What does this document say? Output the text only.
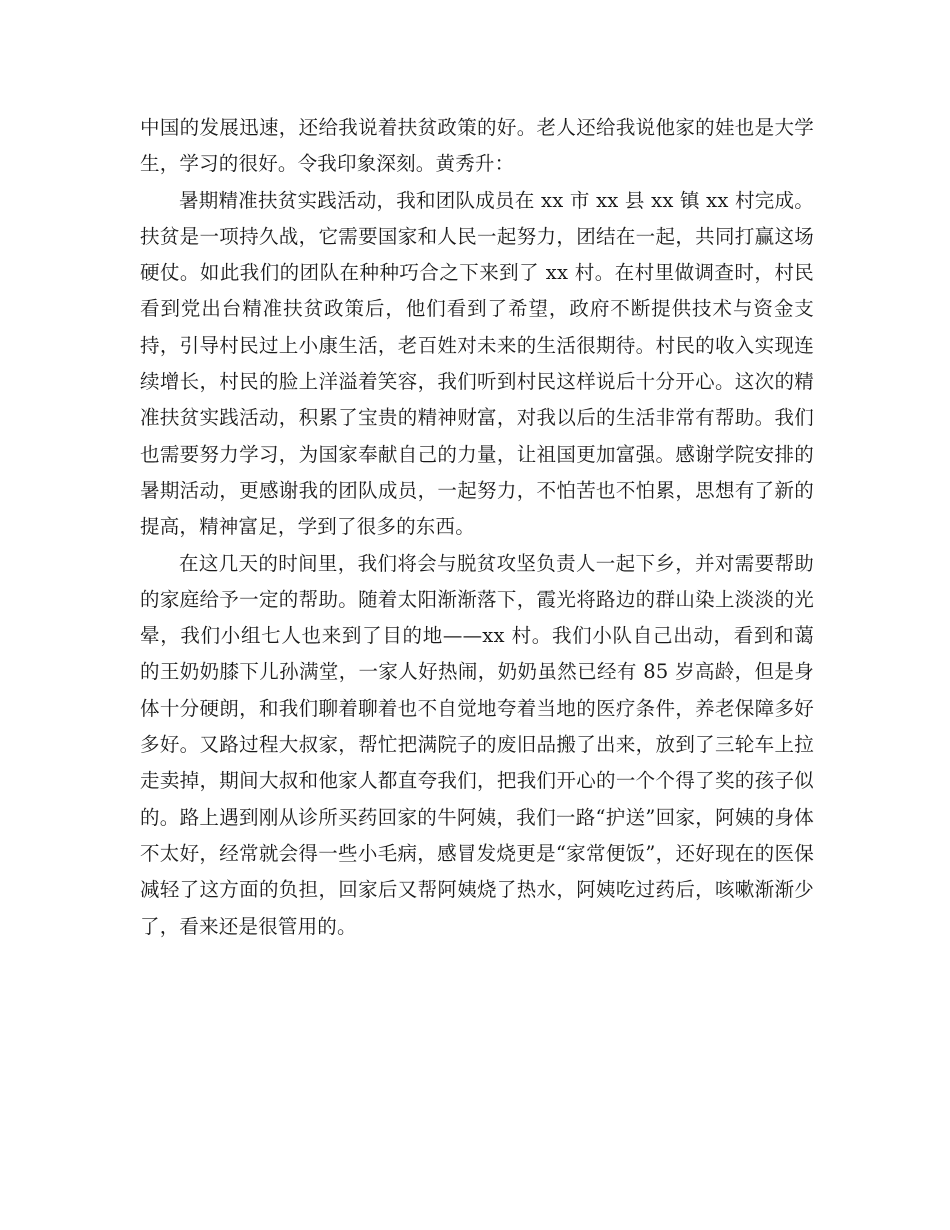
中国的发展迅速，还给我说着扶贫政策的好。老人还给我说他家的娃也是大学生，学习的很好。令我印象深刻。黄秀升：

暑期精准扶贫实践活动，我和团队成员在 xx 市 xx 县 xx 镇 xx 村完成。扶贫是一项持久战，它需要国家和人民一起努力，团结在一起，共同打赢这场硬仗。如此我们的团队在种种巧合之下来到了 xx 村。在村里做调查时，村民看到党出台精准扶贫政策后，他们看到了希望，政府不断提供技术与资金支持，引导村民过上小康生活，老百姓对未来的生活很期待。村民的收入实现连续增长，村民的脸上洋溢着笑容，我们听到村民这样说后十分开心。这次的精准扶贫实践活动，积累了宝贵的精神财富，对我以后的生活非常有帮助。我们也需要努力学习，为国家奉献自己的力量，让祖国更加富强。感谢学院安排的暑期活动，更感谢我的团队成员，一起努力，不怕苦也不怕累，思想有了新的提高，精神富足，学到了很多的东西。

在这几天的时间里，我们将会与脱贫攻坚负责人一起下乡，并对需要帮助的家庭给予一定的帮助。随着太阳渐渐落下，霞光将路边的群山染上淡淡的光晕，我们小组七人也来到了目的地——xx 村。我们小队自己出动，看到和蔼的王奶奶膝下儿孙满堂，一家人好热闹，奶奶虽然已经有 85 岁高龄，但是身体十分硬朗，和我们聊着聊着也不自觉地夸着当地的医疗条件，养老保障多好多好。又路过程大叔家，帮忙把满院子的废旧品搬了出来，放到了三轮车上拉走卖掉，期间大叔和他家人都直夸我们，把我们开心的一个个得了奖的孩子似的。路上遇到刚从诊所买药回家的牛阿姨，我们一路“护送”回家，阿姨的身体不太好，经常就会得一些小毛病，感冒发烧更是“家常便饭”，还好现在的医保减轻了这方面的负担，回家后又帮阿姨烧了热水，阿姨吃过药后，咳嗽渐渐少了，看来还是很管用的。
